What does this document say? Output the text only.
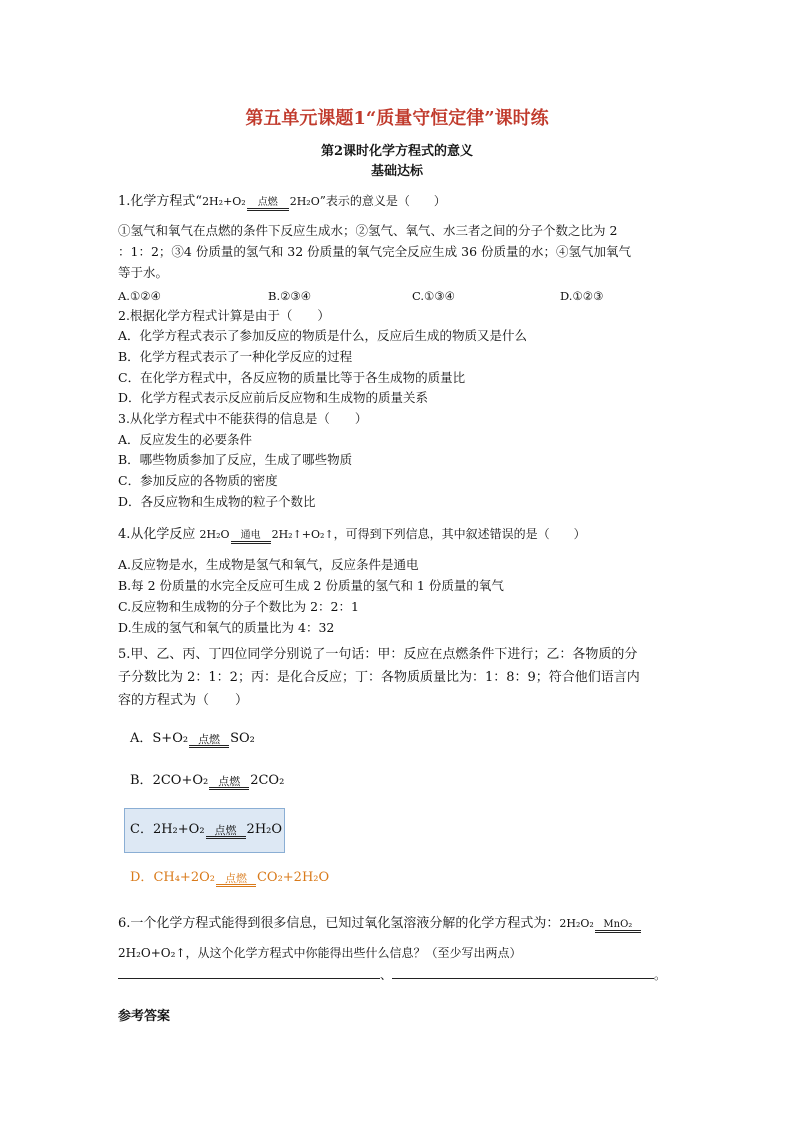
第五单元课题1“质量守恒定律”课时练
第2课时化学方程式的意义
基础达标
1.化学方程式“2H₂+O₂	点燃	2H₂O”表示的意义是（　　）
①氢气和氧气在点燃的条件下反应生成水；②氢气、氧气、水三者之间的分子个数之比为 2
：1：2；③4 份质量的氢气和 32 份质量的氧气完全反应生成 36 份质量的水；④氢气加氧气
等于水。
A.①②④	B.②③④	C.①③④	D.①②③
2.根据化学方程式计算是由于（　　）
A．化学方程式表示了参加反应的物质是什么，反应后生成的物质又是什么
B．化学方程式表示了一种化学反应的过程
C．在化学方程式中，各反应物的质量比等于各生成物的质量比
D．化学方程式表示反应前后反应物和生成物的质量关系
3.从化学方程式中不能获得的信息是（　　）
A．反应发生的必要条件
B．哪些物质参加了反应，生成了哪些物质
C．参加反应的各物质的密度
D．各反应物和生成物的粒子个数比
4.从化学反应 2H₂O	通电	2H₂↑+O₂↑，可得到下列信息，其中叙述错误的是（　　）
A.反应物是水，生成物是氢气和氧气，反应条件是通电
B.每 2 份质量的水完全反应可生成 2 份质量的氢气和 1 份质量的氧气
C.反应物和生成物的分子个数比为 2：2：1
D.生成的氢气和氧气的质量比为 4：32
5.甲、乙、丙、丁四位同学分别说了一句话：甲：反应在点燃条件下进行；乙：各物质的分
子分数比为 2：1：2；丙：是化合反应；丁：各物质质量比为：1：8：9；符合他们语言内
容的方程式为（　　）
A．S+O₂ 点燃 SO₂
B．2CO+O₂ 点燃 2CO₂
C．2H₂+O₂ 点燃 2H₂O
D．CH₄+2O₂ 点燃 CO₂+2H₂O
6.一个化学方程式能得到很多信息，已知过氧化氢溶液分解的化学方程式为：2H₂O₂ MnO₂
2H₂O+O₂↑，从这个化学方程式中你能得出些什么信息？（至少写出两点）
、	。
参考答案
